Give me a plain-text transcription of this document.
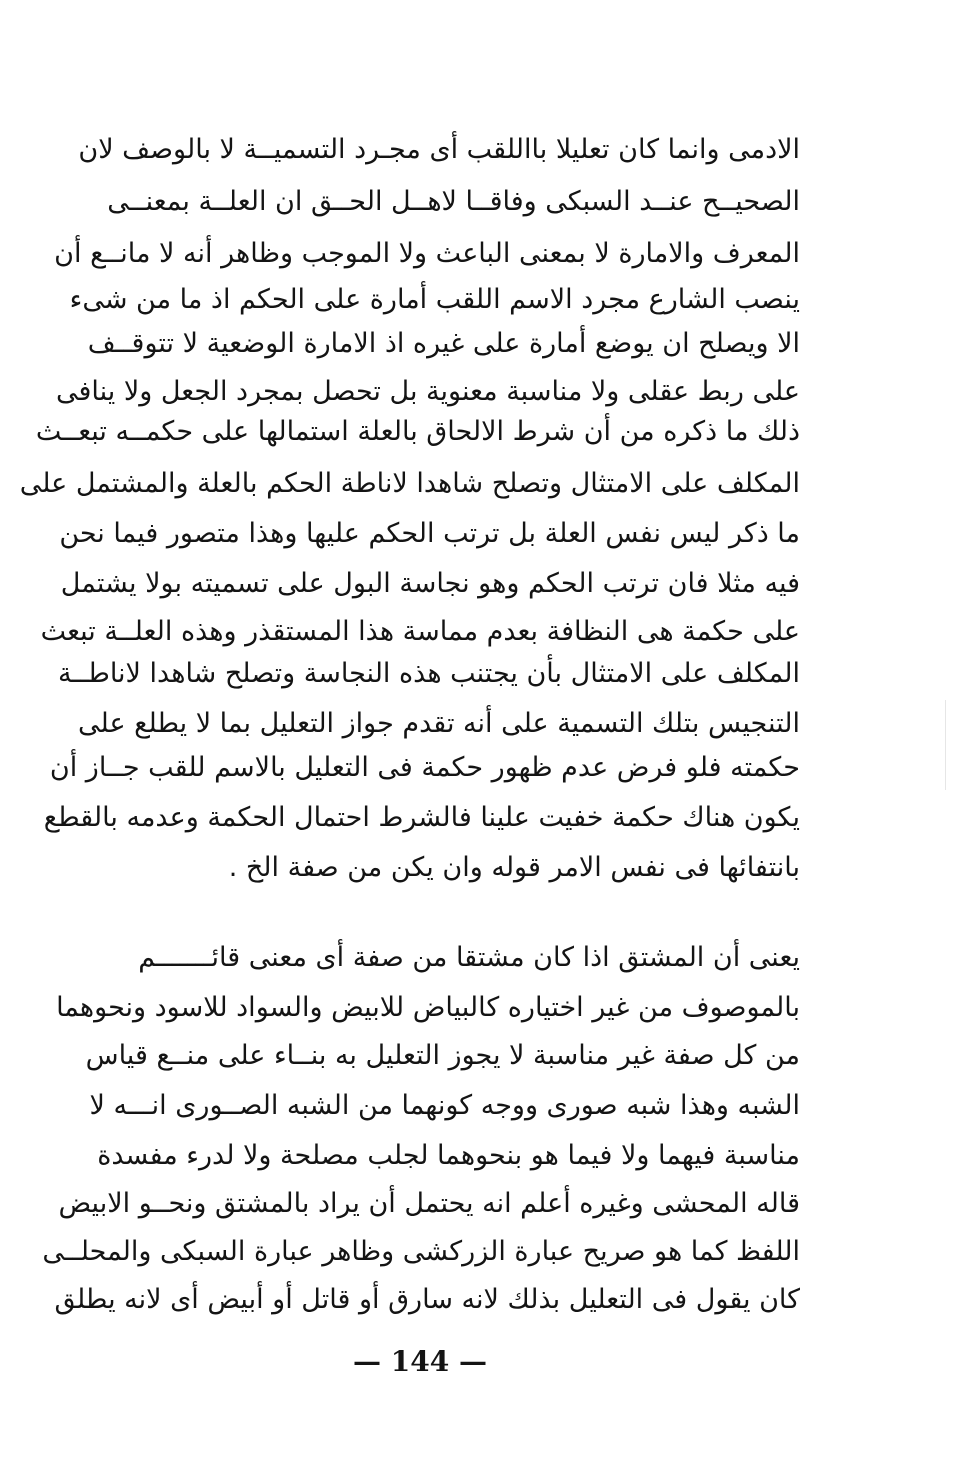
الادمى وانما كان تعليلا بااللقب أى مجـرد التسميــة لا بالوصف لان
الصحيــح عنــد السبكى وفاقــا لاهــل الحــق ان العلــة بمعنــى
المعرف والامارة لا بمعنى الباعث ولا الموجب وظاهر أنه لا مانــع أن
ينصب الشارع مجرد الاسم اللقب أمارة على الحكم اذ ما من شىء
الا ويصلح ان يوضع أمارة على غيره اذ الامارة الوضعية لا تتوقــف
على ربط عقلى ولا مناسبة معنوية بل تحصل بمجرد الجعل ولا ينافى
ذلك ما ذكره من أن شرط الالحاق بالعلة استمالها على حكمــه تبعــث
المكلف على الامتثال وتصلح شاهدا لاناطة الحكم بالعلة والمشتمل على
ما ذكر ليس نفس العلة بل ترتب الحكم عليها وهذا متصور فيما نحن
فيه مثلا فان ترتب الحكم وهو نجاسة البول على تسميته بولا يشتمل
على حكمة هى النظافة بعدم مماسة هذا المستقذر وهذه العلــة تبعث
المكلف على الامتثال بأن يجتنب هذه النجاسة وتصلح شاهدا لاناطــة
التنجيس بتلك التسمية على أنه تقدم جواز التعليل بما لا يطلع على
حكمته فلو فرض عدم ظهور حكمة فى التعليل بالاسم للقب جــاز أن
يكون هناك حكمة خفيت علينا فالشرط احتمال الحكمة وعدمه بالقطع
بانتفائها فى نفس الامر قوله وان يكن من صفة الخ .
يعنى أن المشتق اذا كان مشتقا من صفة أى معنى قائـــــــم
بالموصوف من غير اختياره كالبياض للابيض والسواد للاسود ونحوهما
من كل صفة غير مناسبة لا يجوز التعليل به بنــاء على منــع قياس
الشبه وهذا شبه صورى ووجه كونهما من الشبه الصــورى انـــه لا
مناسبة فيهما ولا فيما هو بنحوهما لجلب مصلحة ولا لدرء مفسدة
قاله المحشى وغيره أعلم انه يحتمل أن يراد بالمشتق ونحــو الابيض
اللفظ كما هو صريح عبارة الزركشى وظاهر عبارة السبكى والمحلــى
كان يقول فى التعليل بذلك لانه سارق أو قاتل أو أبيض أى لانه يطلق
— 144 —
